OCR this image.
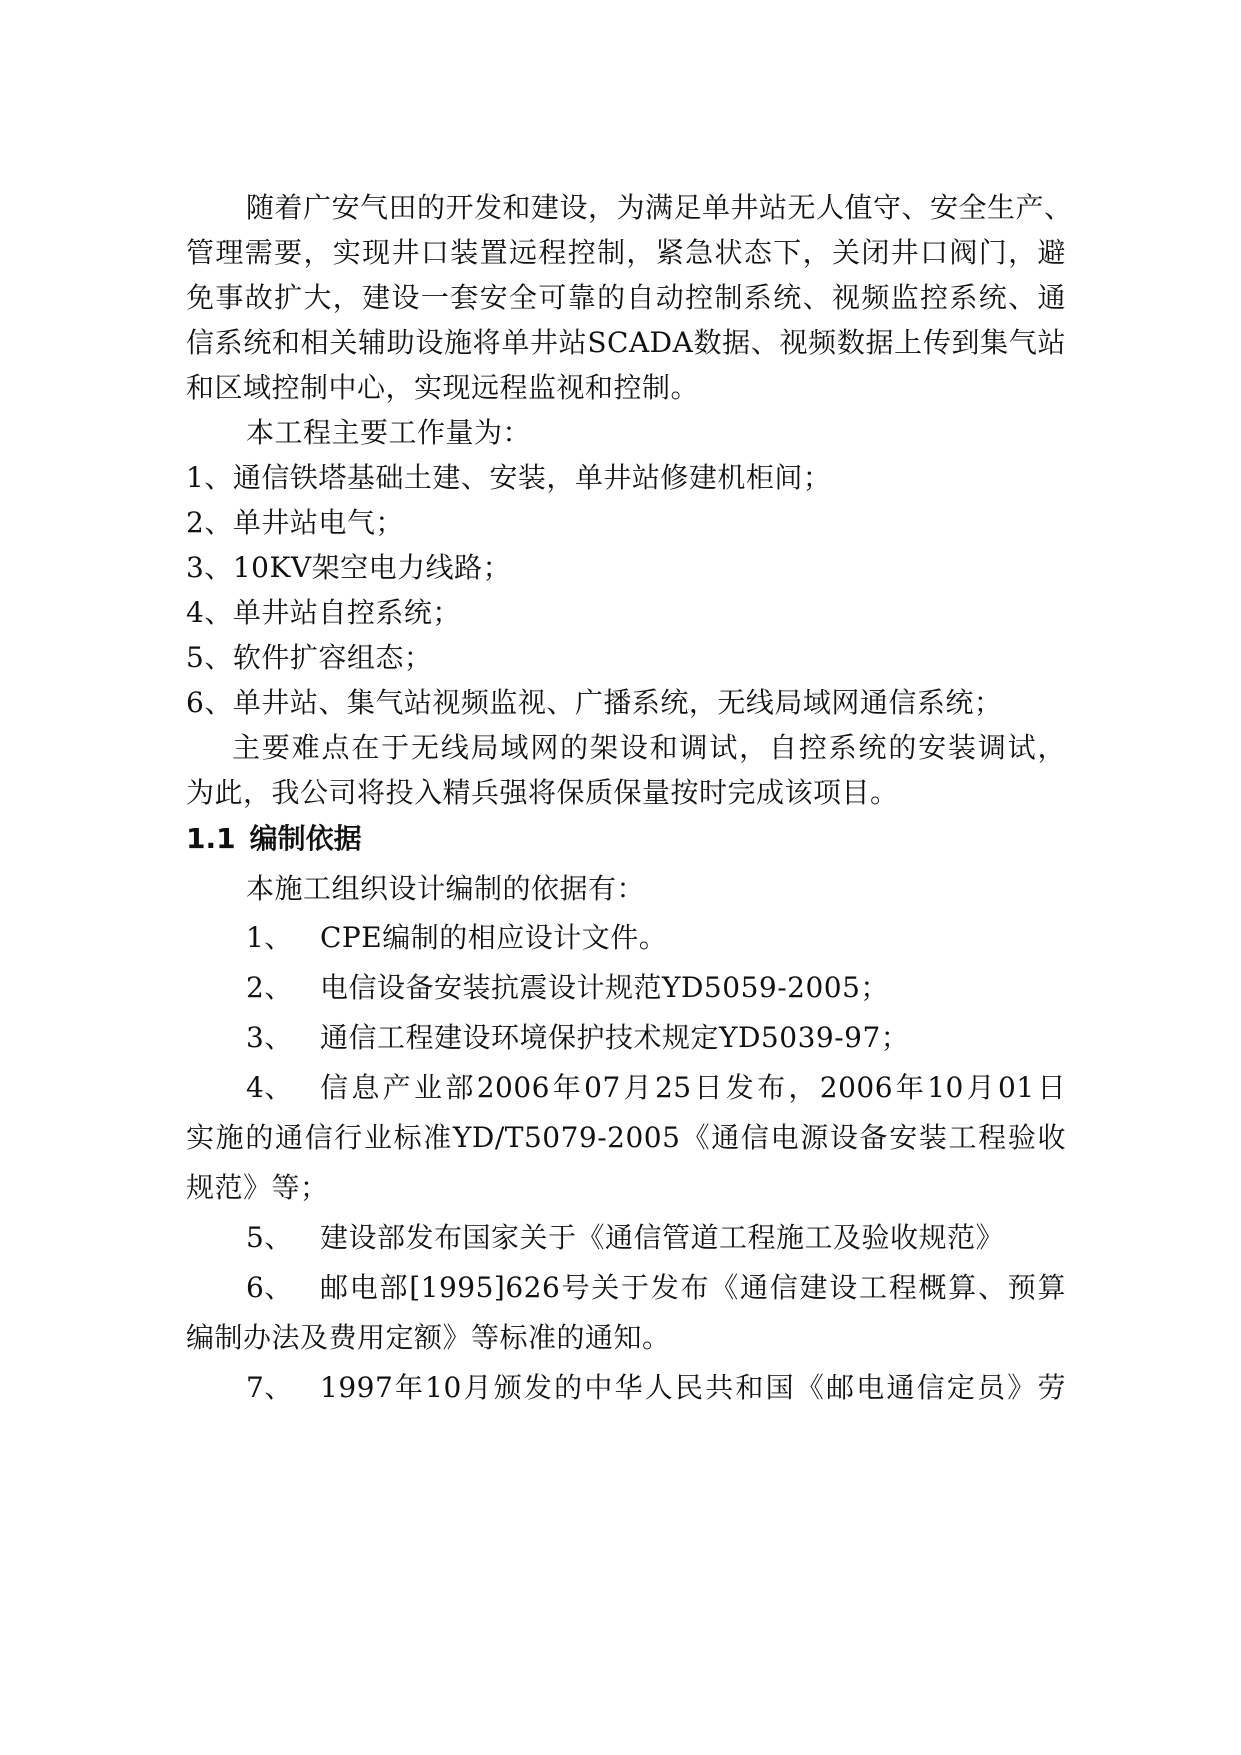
随着广安气田的开发和建设，为满足单井站无人值守、安全生产、
管理需要，实现井口装置远程控制，紧急状态下，关闭井口阀门，避
免事故扩大，建设一套安全可靠的自动控制系统、视频监控系统、通
信系统和相关辅助设施将单井站SCADA数据、视频数据上传到集气站
和区域控制中心，实现远程监视和控制。
本工程主要工作量为：
1、通信铁塔基础土建、安装，单井站修建机柜间；
2、单井站电气；
3、10KV架空电力线路；
4、单井站自控系统；
5、软件扩容组态；
6、单井站、集气站视频监视、广播系统，无线局域网通信系统；
主要难点在于无线局域网的架设和调试，自控系统的安装调试，
为此，我公司将投入精兵强将保质保量按时完成该项目。
1.1 编制依据
本施工组织设计编制的依据有：
1、 CPE编制的相应设计文件。
2、 电信设备安装抗震设计规范YD5059-2005；
3、 通信工程建设环境保护技术规定YD5039-97；
4、 信息产业部2006年07月25日发布，2006年10月01日
实施的通信行业标准YD/T5079-2005《通信电源设备安装工程验收
规范》等；
5、 建设部发布国家关于《通信管道工程施工及验收规范》
6、 邮电部[1995]626号关于发布《通信建设工程概算、预算
编制办法及费用定额》等标准的通知。
7、 1997年10月颁发的中华人民共和国《邮电通信定员》劳
